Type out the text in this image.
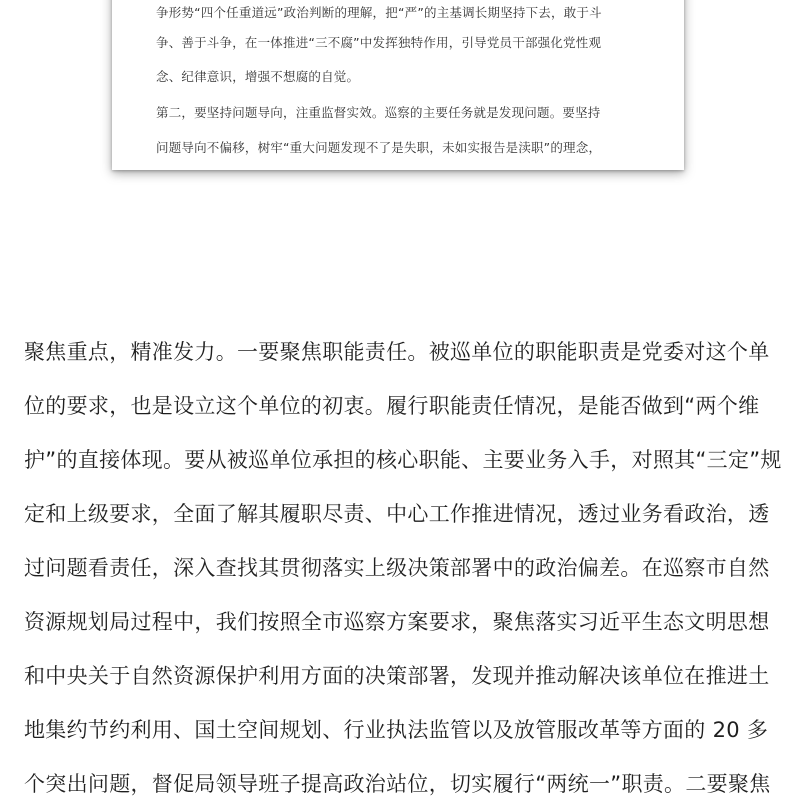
争形势“四个任重道远”政治判断的理解，把“严”的主基调长期坚持下去，敢于斗
争、善于斗争，在一体推进“三不腐”中发挥独特作用，引导党员干部强化党性观
念、纪律意识，增强不想腐的自觉。
第二，要坚持问题导向，注重监督实效。巡察的主要任务就是发现问题。要坚持
问题导向不偏移，树牢“重大问题发现不了是失职，未如实报告是渎职”的理念，
聚焦重点，精准发力。一要聚焦职能责任。被巡单位的职能职责是党委对这个单
位的要求，也是设立这个单位的初衷。履行职能责任情况，是能否做到“两个维
护”的直接体现。要从被巡单位承担的核心职能、主要业务入手，对照其“三定”规
定和上级要求，全面了解其履职尽责、中心工作推进情况，透过业务看政治，透
过问题看责任，深入查找其贯彻落实上级决策部署中的政治偏差。在巡察市自然
资源规划局过程中，我们按照全市巡察方案要求，聚焦落实习近平生态文明思想
和中央关于自然资源保护利用方面的决策部署，发现并推动解决该单位在推进土
地集约节约利用、国土空间规划、行业执法监管以及放管服改革等方面的 20 多
个突出问题，督促局领导班子提高政治站位，切实履行“两统一”职责。二要聚焦
